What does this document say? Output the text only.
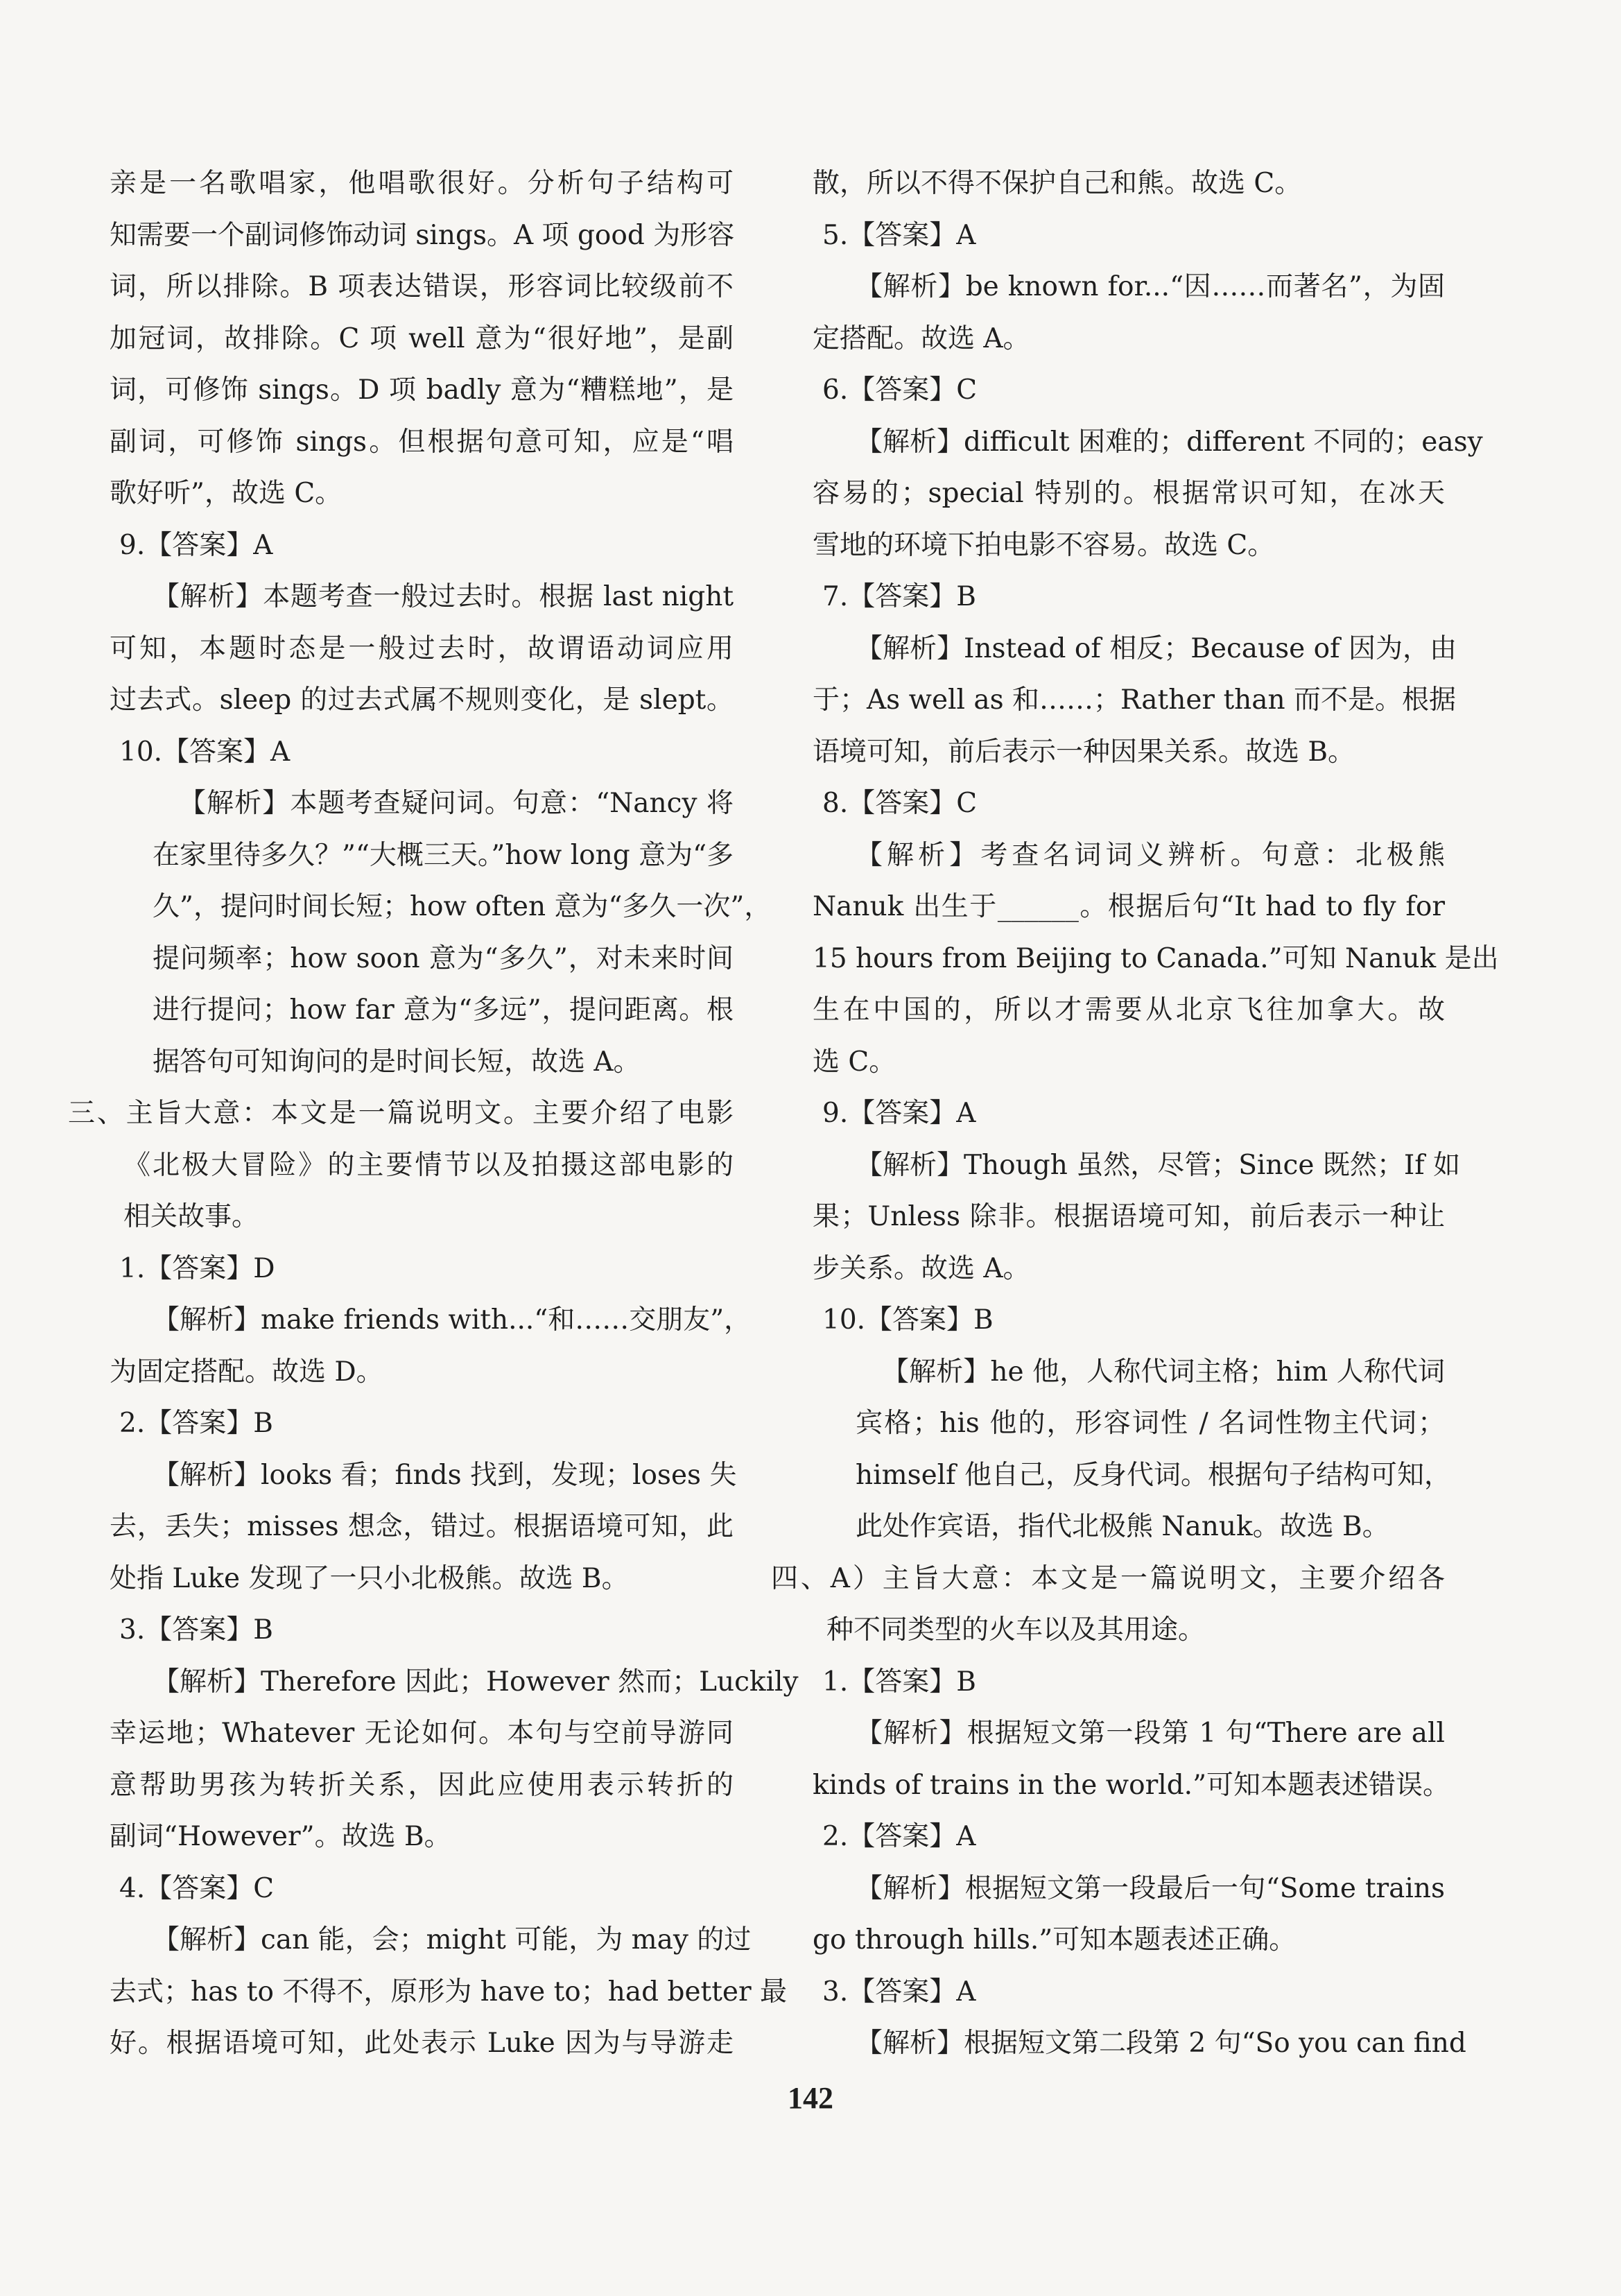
亲是一名歌唱家，他唱歌很好。分析句子结构可
知需要一个副词修饰动词 sings。A 项 good 为形容
词，所以排除。B 项表达错误，形容词比较级前不
加冠词，故排除。C 项 well 意为“很好地”，是副
词，可修饰 sings。D 项 badly 意为“糟糕地”，是
副词，可修饰 sings。但根据句意可知，应是“唱
歌好听”，故选 C。
9.【答案】A
【解析】本题考查一般过去时。根据 last night
可知，本题时态是一般过去时，故谓语动词应用
过去式。sleep 的过去式属不规则变化，是 slept。
10.【答案】A
【解析】本题考查疑问词。句意：“Nancy 将
在家里待多久？”“大概三天。”how long 意为“多
久”，提问时间长短；how often 意为“多久一次”，
提问频率；how soon 意为“多久”，对未来时间
进行提问；how far 意为“多远”，提问距离。根
据答句可知询问的是时间长短，故选 A。
三、主旨大意：本文是一篇说明文。主要介绍了电影
《北极大冒险》的主要情节以及拍摄这部电影的
相关故事。
1.【答案】D
【解析】make friends with...“和……交朋友”，
为固定搭配。故选 D。
2.【答案】B
【解析】looks 看；finds 找到，发现；loses 失
去，丢失；misses 想念，错过。根据语境可知，此
处指 Luke 发现了一只小北极熊。故选 B。
3.【答案】B
【解析】Therefore 因此；However 然而；Luckily
幸运地；Whatever 无论如何。本句与空前导游同
意帮助男孩为转折关系，因此应使用表示转折的
副词“However”。故选 B。
4.【答案】C
【解析】can 能，会；might 可能，为 may 的过
去式；has to 不得不，原形为 have to；had better 最
好。根据语境可知，此处表示 Luke 因为与导游走
散，所以不得不保护自己和熊。故选 C。
5.【答案】A
【解析】be known for...“因……而著名”，为固
定搭配。故选 A。
6.【答案】C
【解析】difficult 困难的；different 不同的；easy
容易的；special 特别的。根据常识可知，在冰天
雪地的环境下拍电影不容易。故选 C。
7.【答案】B
【解析】Instead of 相反；Because of 因为，由
于；As well as 和……；Rather than 而不是。根据
语境可知，前后表示一种因果关系。故选 B。
8.【答案】C
【解析】考查名词词义辨析。句意：北极熊
Nanuk 出生于______。根据后句“It had to fly for
15 hours from Beijing to Canada.”可知 Nanuk 是出
生在中国的，所以才需要从北京飞往加拿大。故
选 C。
9.【答案】A
【解析】Though 虽然，尽管；Since 既然；If 如
果；Unless 除非。根据语境可知，前后表示一种让
步关系。故选 A。
10.【答案】B
【解析】he 他，人称代词主格；him 人称代词
宾格；his 他的，形容词性 / 名词性物主代词；
himself 他自己，反身代词。根据句子结构可知，
此处作宾语，指代北极熊 Nanuk。故选 B。
四、A）主旨大意：本文是一篇说明文，主要介绍各
种不同类型的火车以及其用途。
1.【答案】B
【解析】根据短文第一段第 1 句“There are all
kinds of trains in the world.”可知本题表述错误。
2.【答案】A
【解析】根据短文第一段最后一句“Some trains
go through hills.”可知本题表述正确。
3.【答案】A
【解析】根据短文第二段第 2 句“So you can find
142
